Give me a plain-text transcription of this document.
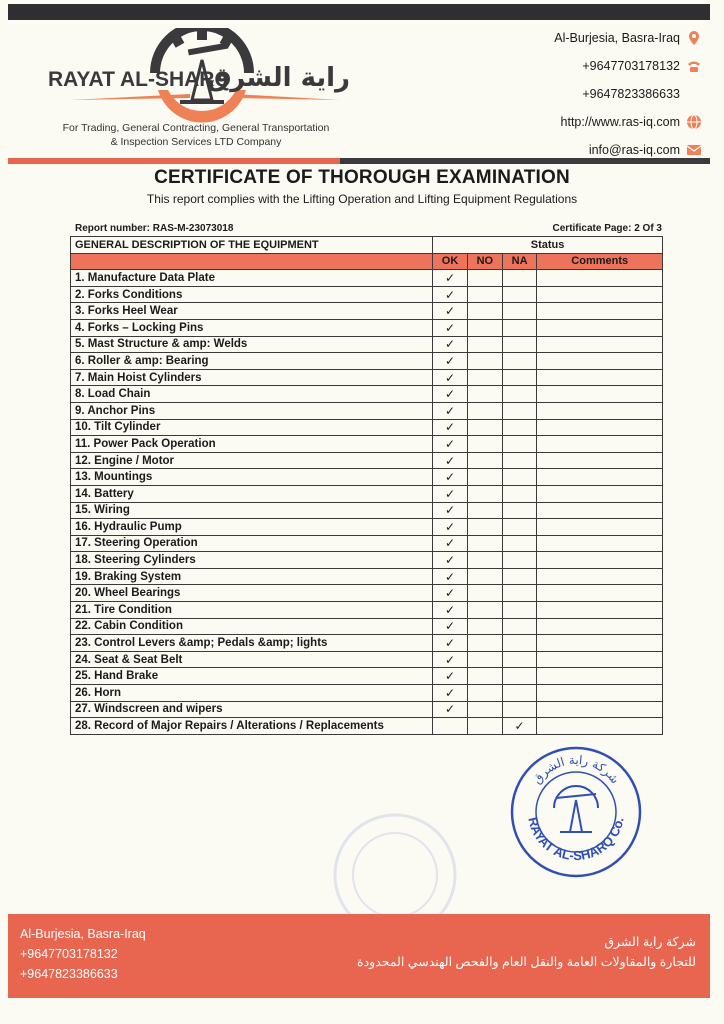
RAYAT AL-SHARQ
راية الشرق
For Trading, General Contracting, General Transportation
& Inspection Services LTD Company
Al-Burjesia, Basra-Iraq
+9647703178132
+9647823386633
http://www.ras-iq.com
info@ras-iq.com
CERTIFICATE OF THOROUGH EXAMINATION
This report complies with the Lifting Operation and Lifting Equipment Regulations
Report number: RAS-M-23073018	Certificate Page: 2 Of 3
GENERAL DESCRIPTION OF THE EQUIPMENT	Status			
	OK	NO	NA	Comments
1. Manufacture Data Plate	✓			
2. Forks Conditions	✓			
3. Forks Heel Wear	✓			
4. Forks – Locking Pins	✓			
5. Mast Structure & amp: Welds	✓			
6. Roller & amp: Bearing	✓			
7. Main Hoist Cylinders	✓			
8. Load Chain	✓			
9. Anchor Pins	✓			
10. Tilt Cylinder	✓			
11. Power Pack Operation	✓			
12. Engine / Motor	✓			
13. Mountings	✓			
14. Battery	✓			
15. Wiring	✓			
16. Hydraulic Pump	✓			
17. Steering Operation	✓			
18. Steering Cylinders	✓			
19. Braking System	✓			
20. Wheel Bearings	✓			
21. Tire Condition	✓			
22. Cabin Condition	✓			
23. Control Levers &amp; Pedals &amp; lights	✓			
24. Seat & Seat Belt	✓			
25. Hand Brake	✓			
26. Horn	✓			
27. Windscreen and wipers	✓			
28. Record of Major Repairs / Alterations / Replacements			✓	
RAYAT AL-SHARQ Co.
شركة راية الشرق
Al-Burjesia, Basra-Iraq
+9647703178132
+9647823386633
شركة راية الشرق
للتجارة والمقاولات العامة والنقل العام والفحص الهندسي المحدودة
